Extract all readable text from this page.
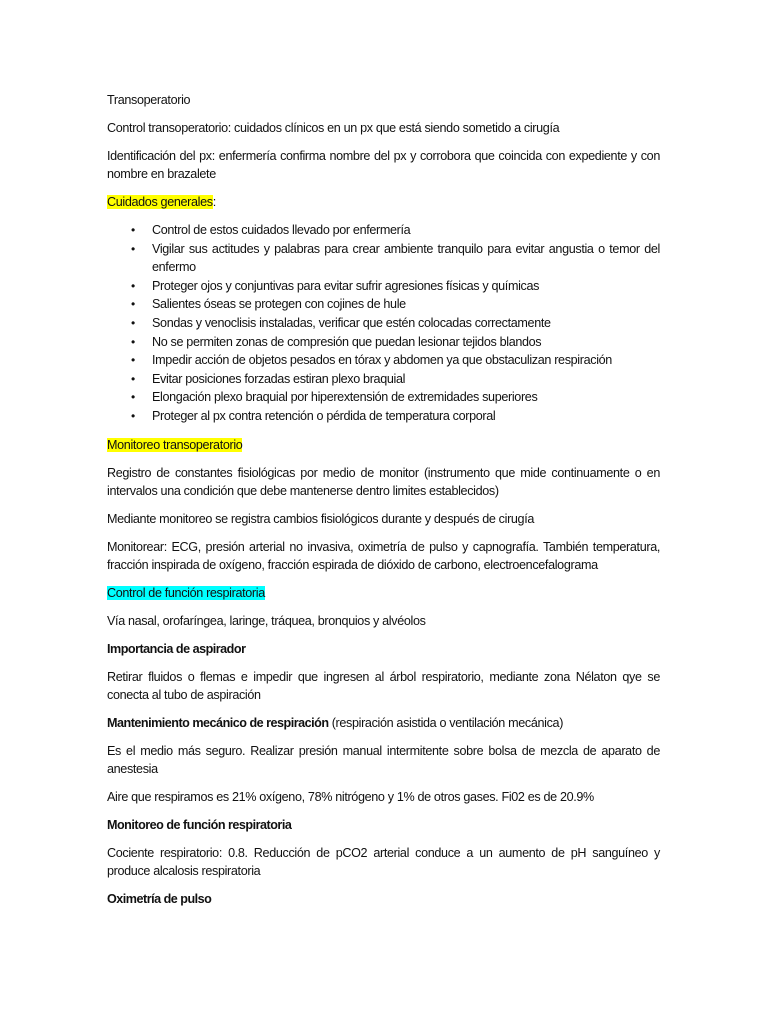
Transoperatorio

Control transoperatorio: cuidados clínicos en un px que está siendo sometido a cirugía

Identificación del px: enfermería confirma nombre del px y corrobora que coincida con expediente y con nombre en brazalete

Cuidados generales:

• Control de estos cuidados llevado por enfermería
• Vigilar sus actitudes y palabras para crear ambiente tranquilo para evitar angustia o temor del enfermo
• Proteger ojos y conjuntivas para evitar sufrir agresiones físicas y químicas
• Salientes óseas se protegen con cojines de hule
• Sondas y venoclisis instaladas, verificar que estén colocadas correctamente
• No se permiten zonas de compresión que puedan lesionar tejidos blandos
• Impedir acción de objetos pesados en tórax y abdomen ya que obstaculizan respiración
• Evitar posiciones forzadas estiran plexo braquial
• Elongación plexo braquial por hiperextensión de extremidades superiores
• Proteger al px contra retención o pérdida de temperatura corporal

Monitoreo transoperatorio

Registro de constantes fisiológicas por medio de monitor (instrumento que mide continuamente o en intervalos una condición que debe mantenerse dentro limites establecidos)

Mediante monitoreo se registra cambios fisiológicos durante y después de cirugía

Monitorear: ECG, presión arterial no invasiva, oximetría de pulso y capnografía. También temperatura, fracción inspirada de oxígeno, fracción espirada de dióxido de carbono, electroencefalograma

Control de función respiratoria

Vía nasal, orofaríngea, laringe, tráquea, bronquios y alvéolos

Importancia de aspirador

Retirar fluidos o flemas e impedir que ingresen al árbol respiratorio, mediante zona Nélaton qye se conecta al tubo de aspiración

Mantenimiento mecánico de respiración (respiración asistida o ventilación mecánica)

Es el medio más seguro. Realizar presión manual intermitente sobre bolsa de mezcla de aparato de anestesia

Aire que respiramos es 21% oxígeno, 78% nitrógeno y 1% de otros gases. Fi02 es de 20.9%

Monitoreo de función respiratoria

Cociente respiratorio: 0.8. Reducción de pCO2 arterial conduce a un aumento de pH sanguíneo y produce alcalosis respiratoria

Oximetría de pulso
